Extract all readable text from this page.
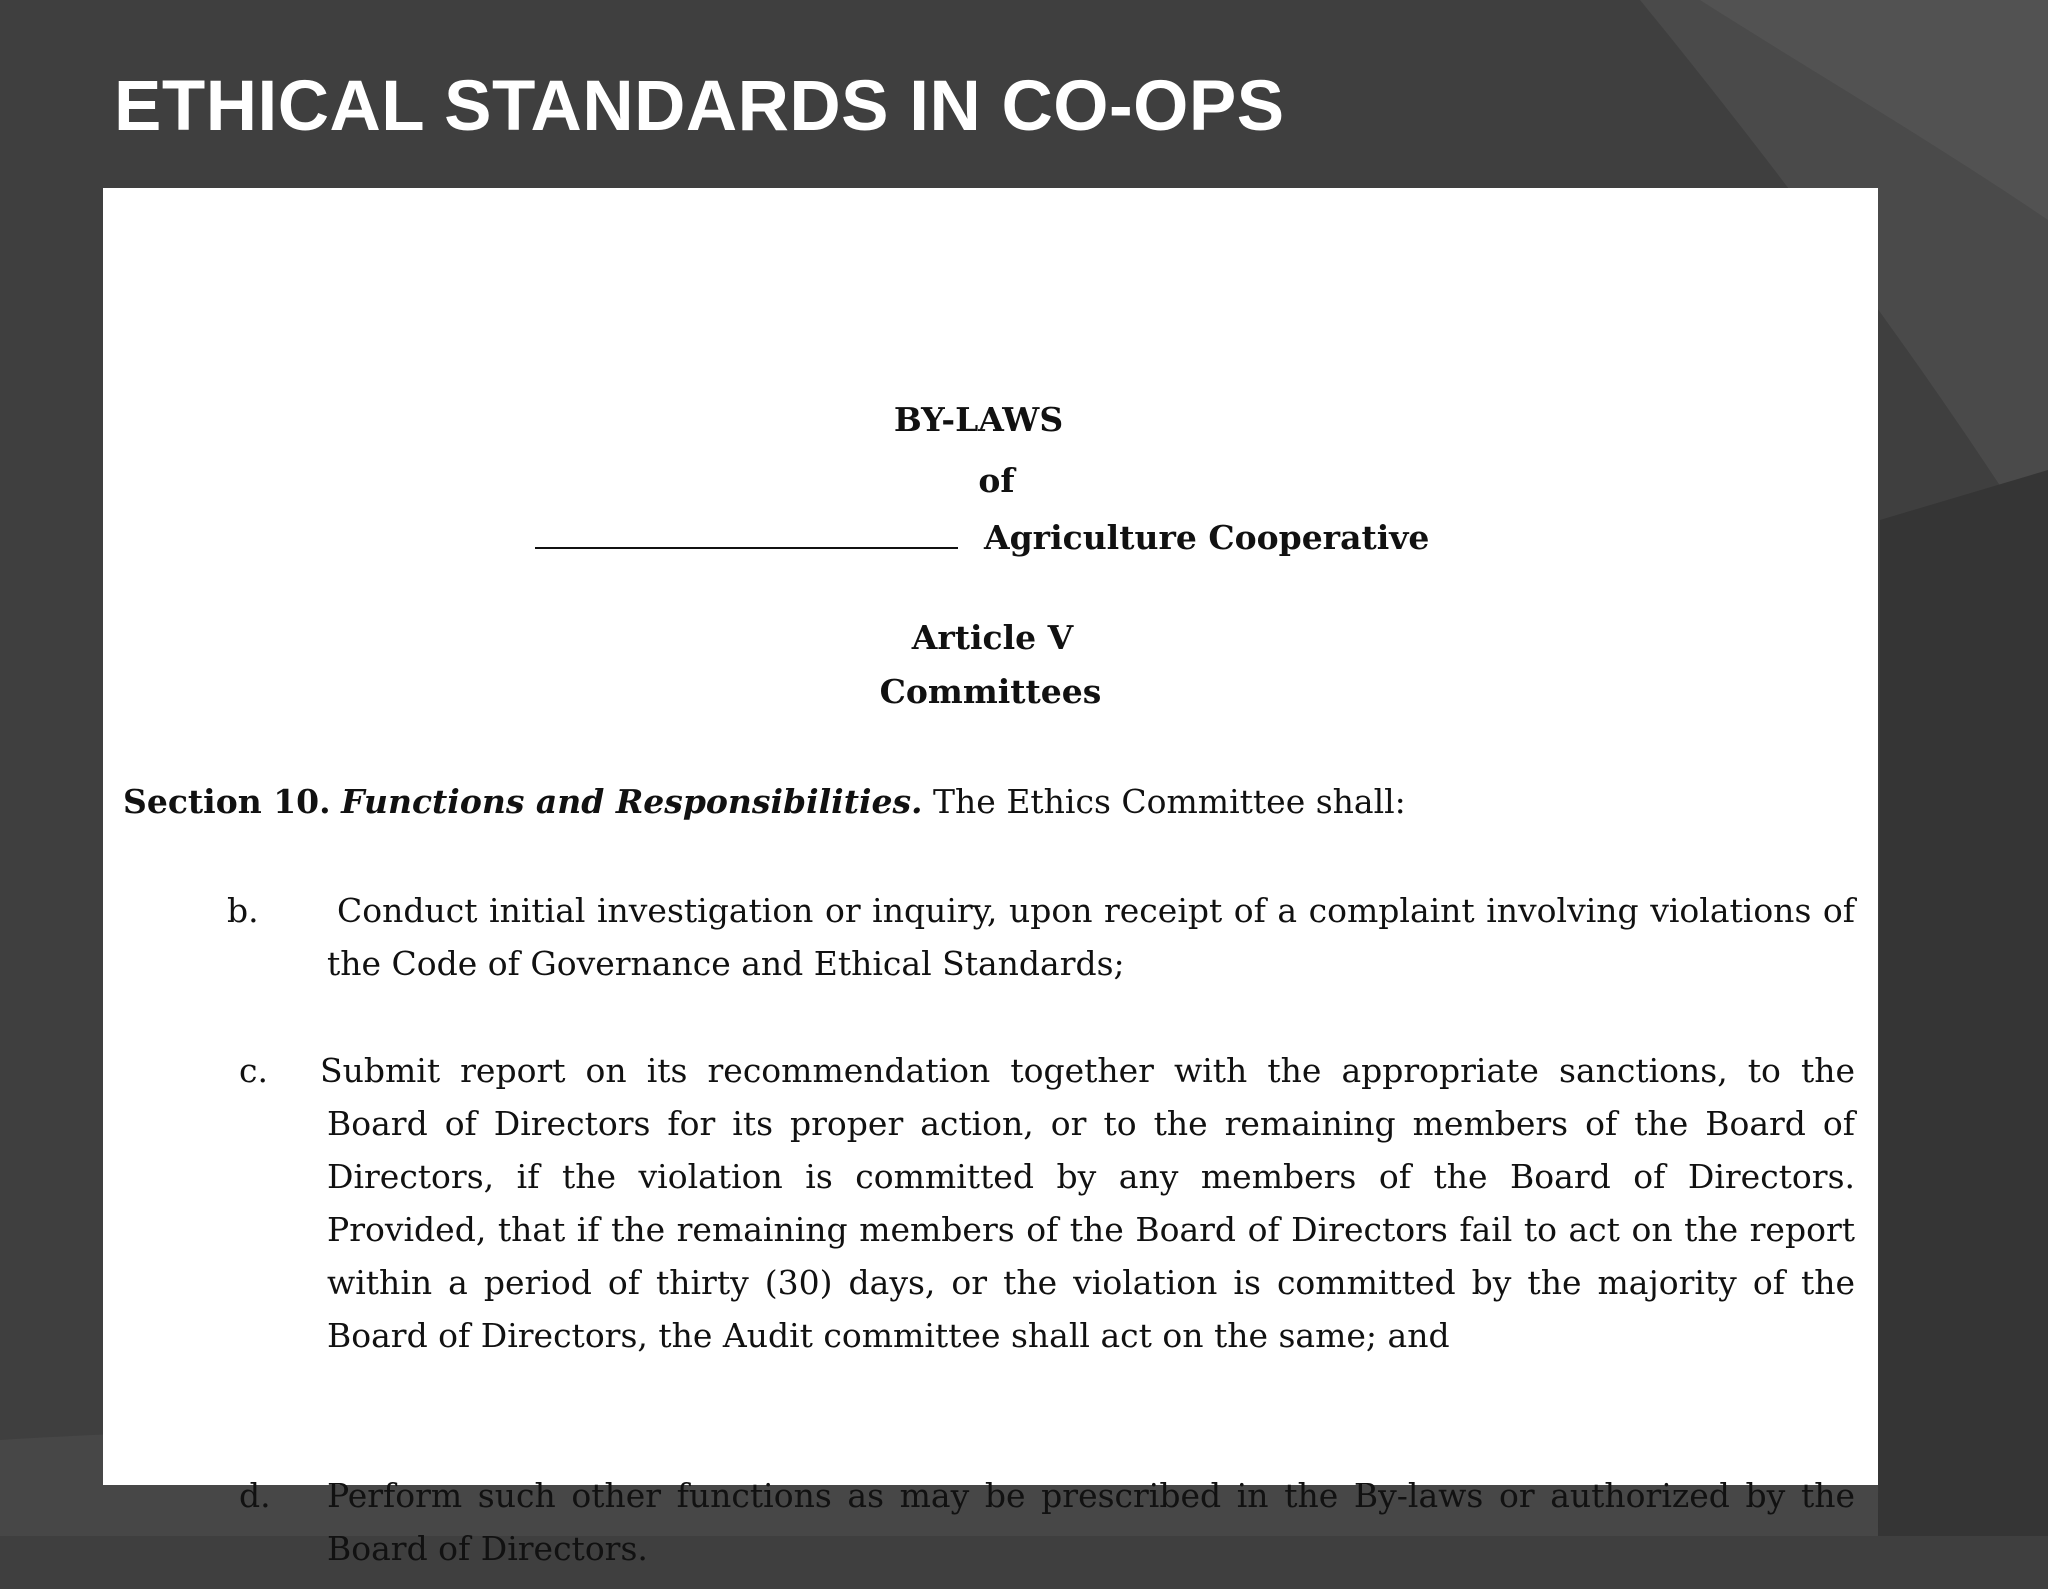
ETHICAL STANDARDS IN CO-OPS
BY-LAWS
of
Agriculture Cooperative
Article V
Committees
Section 10. Functions and Responsibilities. The Ethics Committee shall:
b.	Conduct initial investigation or inquiry, upon receipt of a complaint involving violations of the Code of Governance and Ethical Standards;
c. Submit report on its recommendation together with the appropriate sanctions, to the Board of Directors for its proper action, or to the remaining members of the Board of Directors, if the violation is committed by any members of the Board of Directors. Provided, that if the remaining members of the Board of Directors fail to act on the report within a period of thirty (30) days, or the violation is committed by the majority of the Board of Directors, the Audit committee shall act on the same; and
d. Perform such other functions as may be prescribed in the By-laws or authorized by the Board of Directors.
